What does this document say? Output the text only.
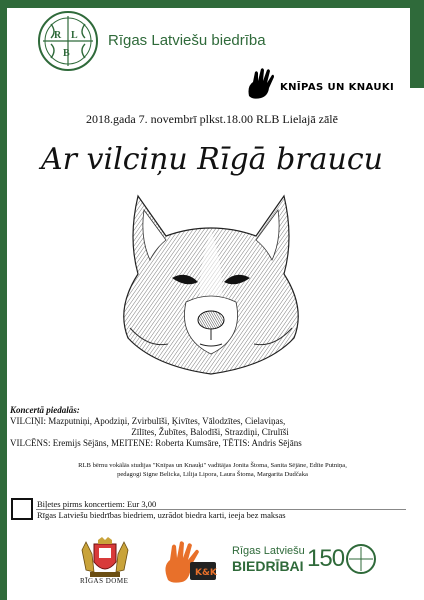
R L
B
Rīgas Latviešu biedrība
KNĪPAS UN KNAUKI
2018.gada 7. novembrī plkst.18.00 RLB Lielajā zālē
Ar vilciņu Rīgā braucu
Koncertā piedalās:
VILCIŅI: Mazputniņi, Apodziņi, Zvirbulīši, Ķivītes, Vālodzītes, Cielaviņas,
Zīlītes, Žubītes, Balodīši, Strazdiņi, Cīrulīši
VILCĒNS: Eremijs Sējāns, MEITENE: Roberta Kumsāre, TĒTIS: Andris Sējāns
RLB bērnu vokālās studijas "Knīpas un Knauķi" vadītājas Jonita Štoma, Sanita Sējāne, Edīte Putniņa,
pedagogi Signe Belicka, Lilija Lipora, Laura Štoma, Margarita Dudčaka
Biļetes pirms koncertiem: Eur 3,00
Rīgas Latviešu biedrības biedriem, uzrādot biedra karti, ieeja bez maksas
RĪGAS DOME
K&K
Rīgas Latviešu
BIEDRĪBAI 150
